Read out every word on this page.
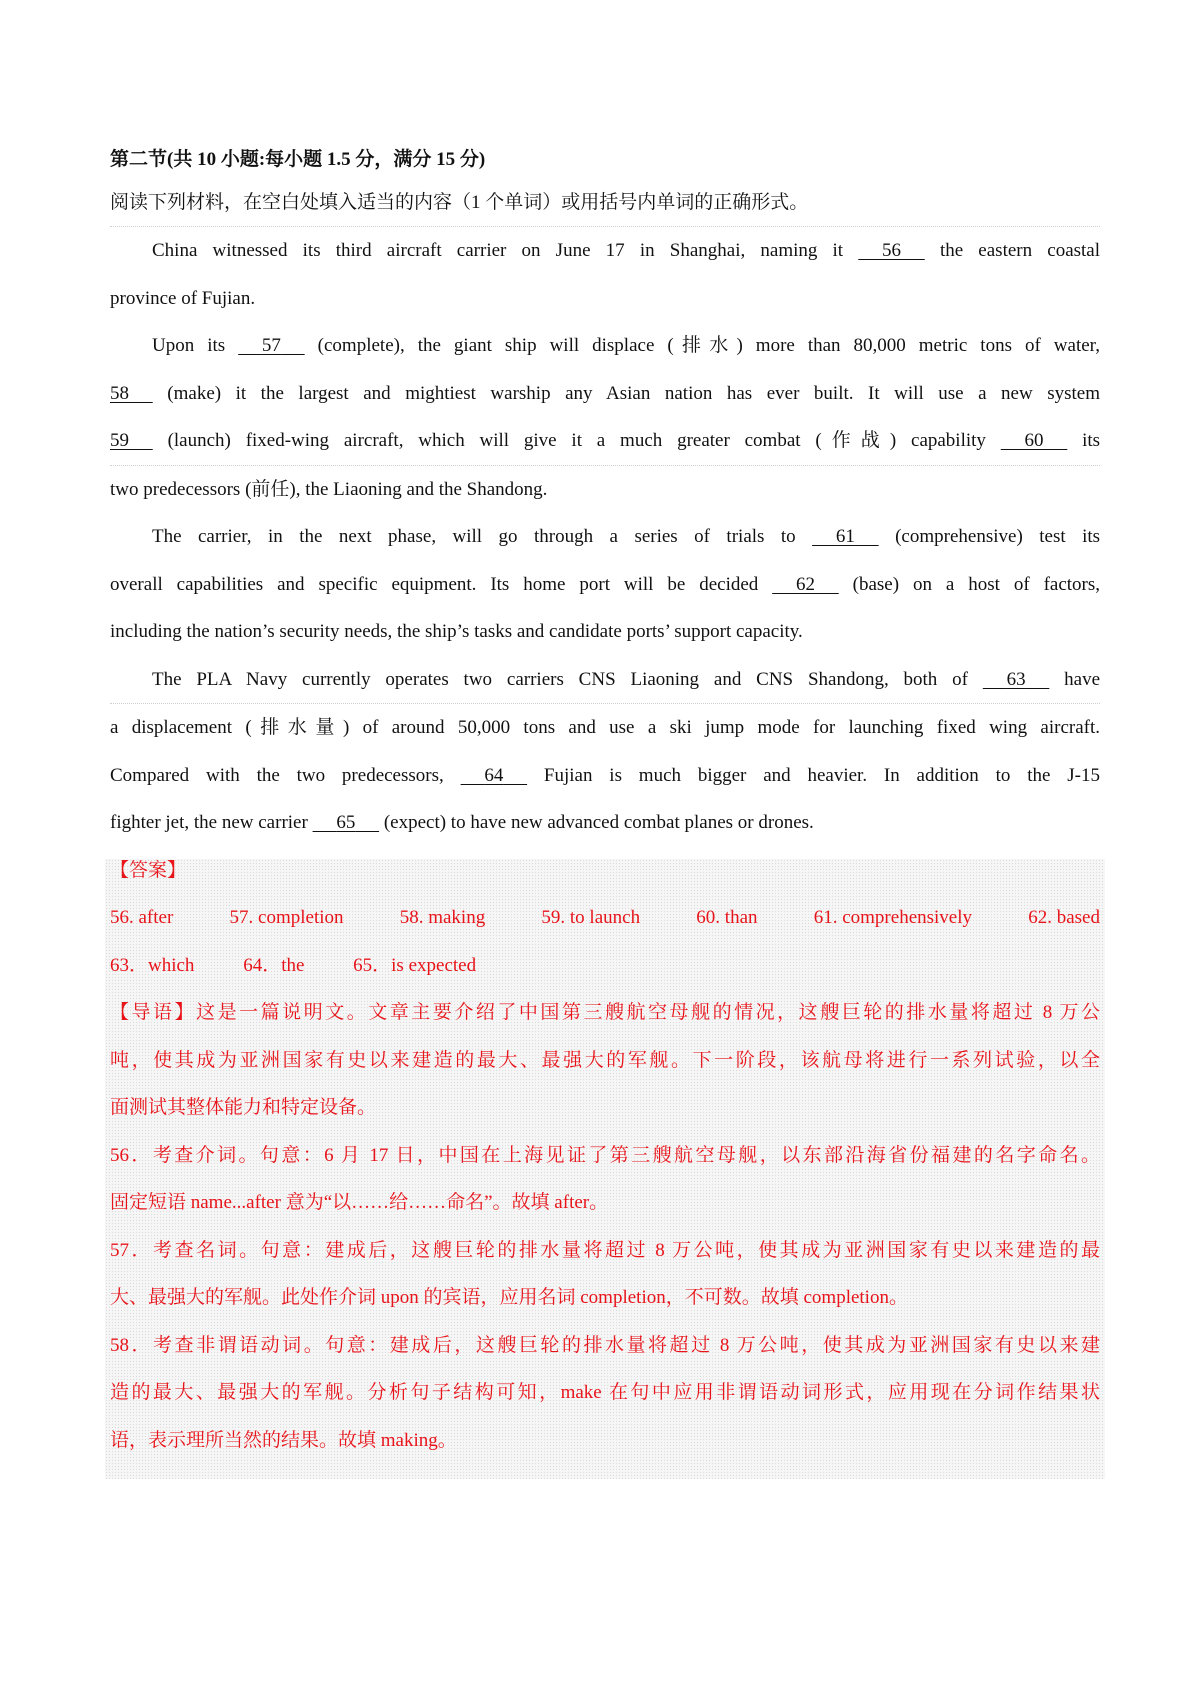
第二节(共 10 小题:每小题 1.5 分，满分 15 分)
阅读下列材料，在空白处填入适当的内容（1 个单词）或用括号内单词的正确形式。
China witnessed its third aircraft carrier on June 17 in Shanghai, naming it 56 the eastern coastal
province of Fujian.
Upon its 57 (complete), the giant ship will displace (排水) more than 80,000 metric tons of water,
58 (make) it the largest and mightiest warship any Asian nation has ever built. It will use a new system
59 (launch) fixed-wing aircraft, which will give it a much greater combat (作战) capability 60 its
two predecessors (前任), the Liaoning and the Shandong.
The carrier, in the next phase, will go through a series of trials to 61 (comprehensive) test its
overall capabilities and specific equipment. Its home port will be decided 62 (base) on a host of factors,
including the nation’s security needs, the ship’s tasks and candidate ports’ support capacity.
The PLA Navy currently operates two carriers CNS Liaoning and CNS Shandong, both of 63 have
a displacement (排水量) of around 50,000 tons and use a ski jump mode for launching fixed wing aircraft.
Compared with the two predecessors, 64 Fujian is much bigger and heavier. In addition to the J-15
fighter jet, the new carrier 65 (expect) to have new advanced combat planes or drones.
【答案】
56. after	57. completion	58. making	59. to launch	60. than	61. comprehensively	62. based
63．which	64．the	65．is expected
【导语】这是一篇说明文。文章主要介绍了中国第三艘航空母舰的情况，这艘巨轮的排水量将超过 8 万公
吨，使其成为亚洲国家有史以来建造的最大、最强大的军舰。下一阶段，该航母将进行一系列试验，以全
面测试其整体能力和特定设备。
56．考查介词。句意：6 月 17 日，中国在上海见证了第三艘航空母舰，以东部沿海省份福建的名字命名。
固定短语 name...after 意为“以……给……命名”。故填 after。
57．考查名词。句意：建成后，这艘巨轮的排水量将超过 8 万公吨，使其成为亚洲国家有史以来建造的最
大、最强大的军舰。此处作介词 upon 的宾语，应用名词 completion，不可数。故填 completion。
58．考查非谓语动词。句意：建成后，这艘巨轮的排水量将超过 8 万公吨，使其成为亚洲国家有史以来建
造的最大、最强大的军舰。分析句子结构可知，make 在句中应用非谓语动词形式，应用现在分词作结果状
语，表示理所当然的结果。故填 making。
